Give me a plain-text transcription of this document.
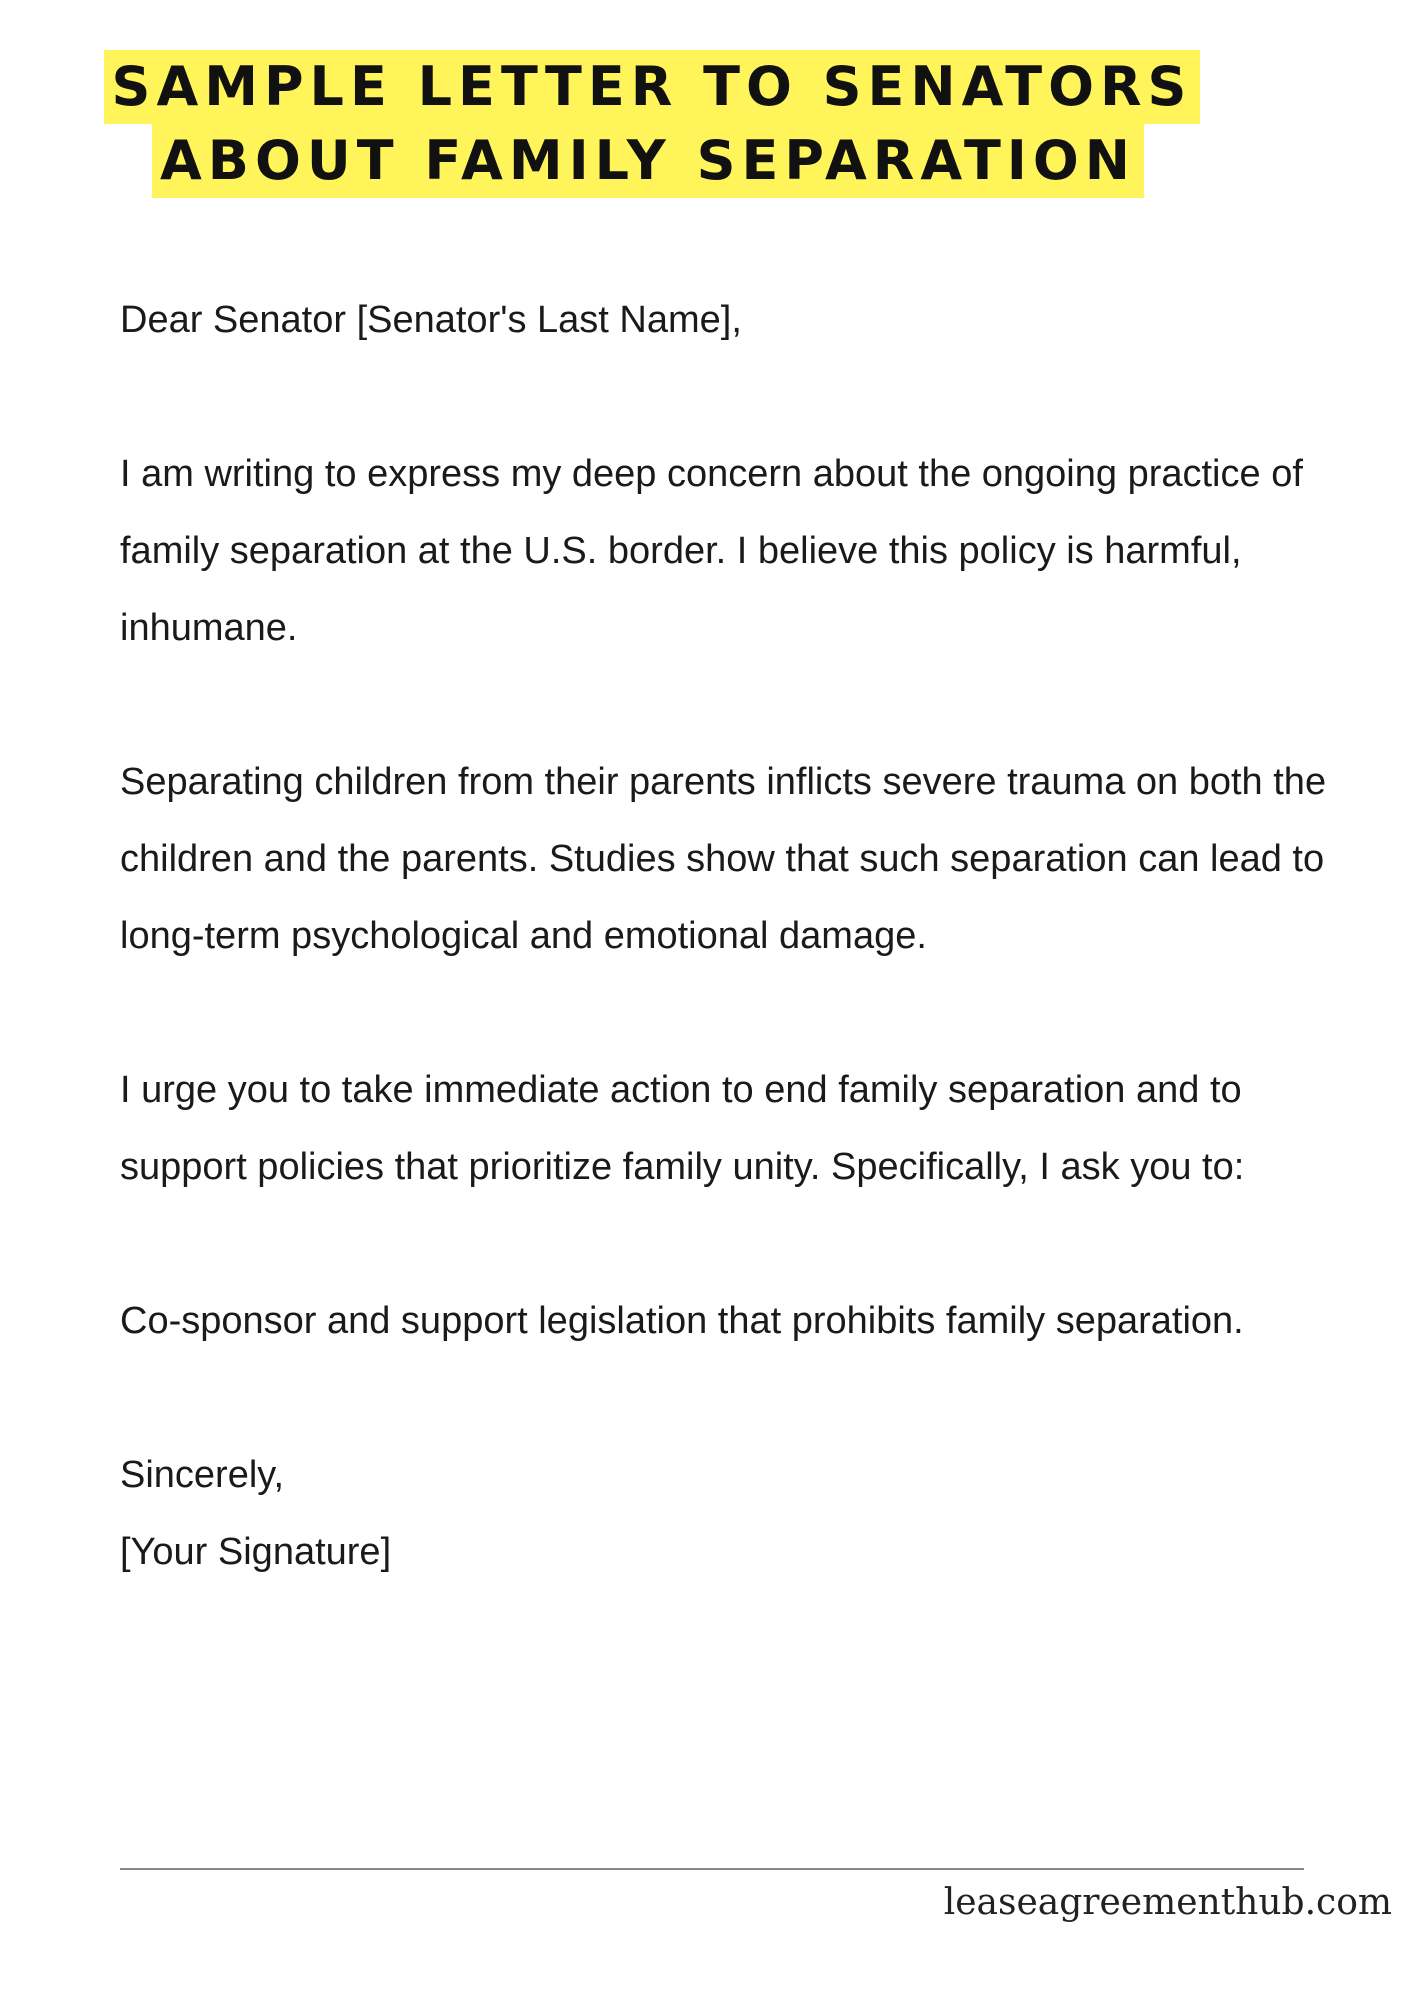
SAMPLE LETTER TO SENATORS
ABOUT FAMILY SEPARATION

Dear Senator [Senator's Last Name],

I am writing to express my deep concern about the ongoing practice of family separation at the U.S. border. I believe this policy is harmful, inhumane.

Separating children from their parents inflicts severe trauma on both the children and the parents. Studies show that such separation can lead to long-term psychological and emotional damage.

I urge you to take immediate action to end family separation and to support policies that prioritize family unity. Specifically, I ask you to:

Co-sponsor and support legislation that prohibits family separation.

Sincerely,
[Your Signature]

leaseagreementhub.com
